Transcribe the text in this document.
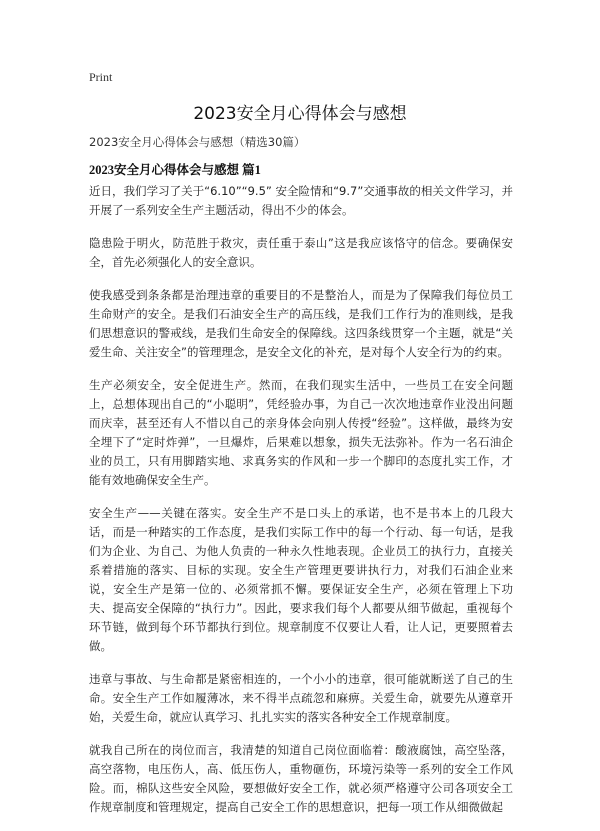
Print
2023安全月心得体会与感想
2023安全月心得体会与感想（精选30篇）
2023安全月心得体会与感想 篇1

近日，我们学习了关于“6.10”“9.5” 安全险情和“9.7”交通事故的相关文件学习，并开展了一系列安全生产主题活动，得出不少的体会。

隐患险于明火，防范胜于救灾，责任重于泰山”这是我应该恪守的信念。要确保安全，首先必须强化人的安全意识。

使我感受到条条都是治理违章的重要目的不是整治人，而是为了保障我们每位员工生命财产的安全。是我们石油安全生产的高压线，是我们工作行为的准则线，是我们思想意识的警戒线，是我们生命安全的保障线。这四条线贯穿一个主题，就是“关爱生命、关注安全”的管理理念，是安全文化的补充，是对每个人安全行为的约束。

生产必须安全，安全促进生产。然而，在我们现实生活中，一些员工在安全问题上，总想体现出自己的“小聪明”，凭经验办事，为自己一次次地违章作业没出问题而庆幸，甚至还有人不惜以自己的亲身体会向别人传授“经验”。这样做，最终为安全埋下了“定时炸弹”，一旦爆炸，后果难以想象，损失无法弥补。作为一名石油企业的员工，只有用脚踏实地、求真务实的作风和一步一个脚印的态度扎实工作，才能有效地确保安全生产。

安全生产——关键在落实。安全生产不是口头上的承诺，也不是书本上的几段大话，而是一种踏实的工作态度，是我们实际工作中的每一个行动、每一句话，是我们为企业、为自己、为他人负责的一种永久性地表现。企业员工的执行力，直接关系着措施的落实、目标的实现。安全生产管理更要讲执行力，对我们石油企业来说，安全生产是第一位的、必须常抓不懈。要保证安全生产，必须在管理上下功夫、提高安全保障的“执行力”。因此，要求我们每个人都要从细节做起，重视每个环节链，做到每个环节都执行到位。规章制度不仅要让人看，让人记，更要照着去做。

违章与事故、与生命都是紧密相连的，一个小小的违章，很可能就断送了自己的生命。安全生产工作如履薄冰，来不得半点疏忽和麻痹。关爱生命，就要先从遵章开始，关爱生命，就应认真学习、扎扎实实的落实各种安全工作规章制度。

就我自己所在的岗位而言，我清楚的知道自己岗位面临着：酸液腐蚀，高空坠落，高空落物，电压伤人，高、低压伤人，重物砸伤，环境污染等一系列的安全工作风险。而，棉队这些安全风险，要想做好安全工作，就必须严格遵守公司各项安全工作规章制度和管理规定，提高自己安全工作的思想意识，把每一项工作从细微做起
